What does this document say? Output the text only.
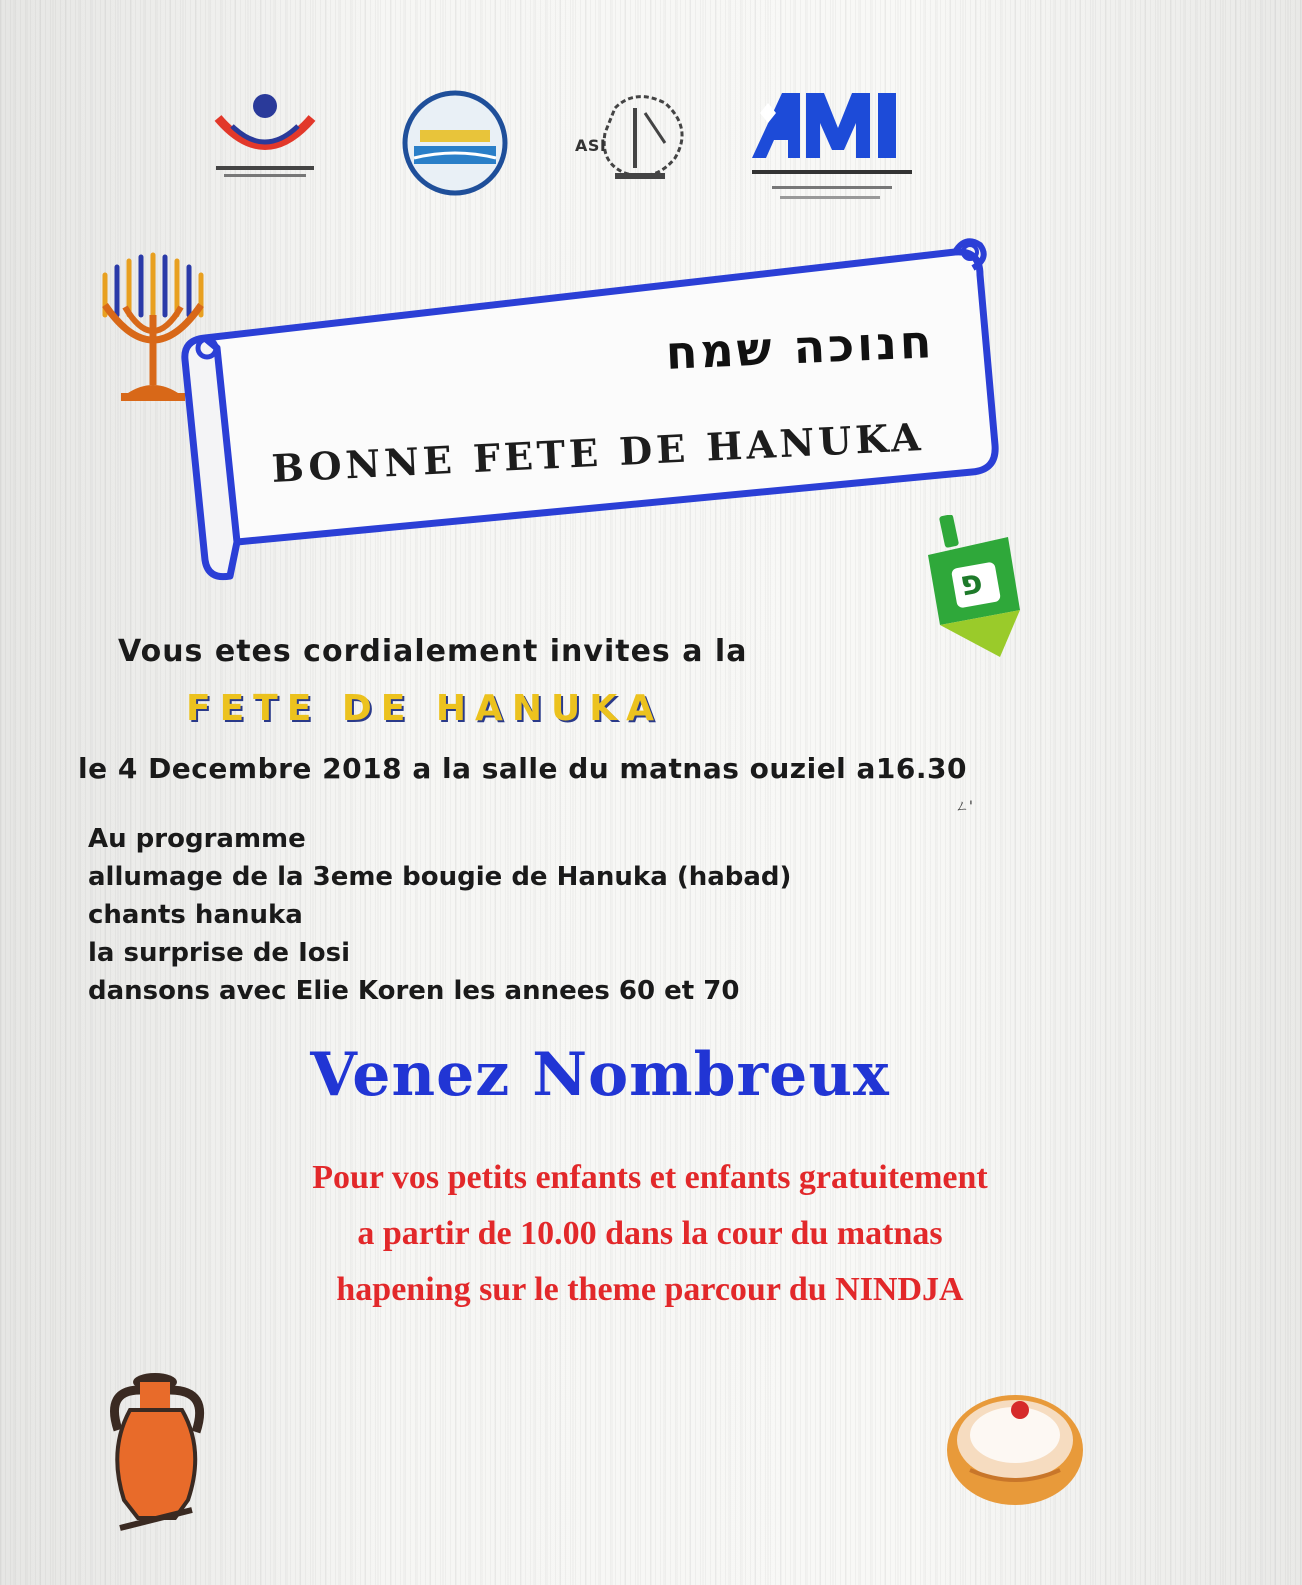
ASI
חנוכה שמח
BONNE FETE DE HANUKA
פ
Vous etes cordialement invites a la
FETE DE HANUKA
le 4 Decembre 2018 a la salle du matnas ouziel a16.30
ㄥ'
Au programme
allumage de la 3eme bougie de Hanuka (habad)
chants hanuka
la surprise de Iosi
dansons avec Elie Koren les annees 60 et 70
Venez Nombreux
Pour vos petits enfants et enfants gratuitement
a partir de 10.00 dans la cour du matnas
hapening sur le theme parcour du NINDJA
